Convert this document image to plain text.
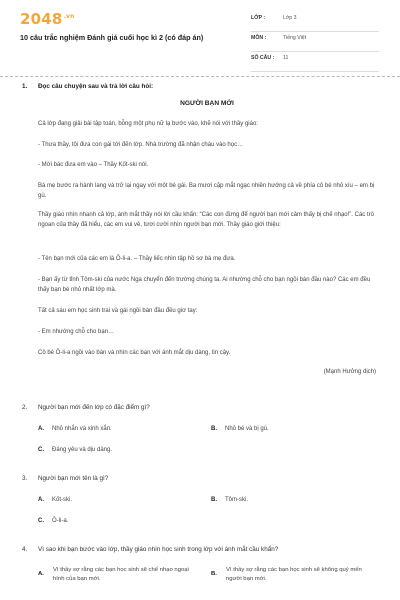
$2048^{.vn}$
10 câu trắc nghiệm Đánh giá cuối học kì 2 (có đáp án)
LỚP :	Lớp 3
MÔN :	Tiếng Việt
SỐ CÂU :	11
1.	Đọc câu chuyện sau và trả lời câu hỏi:
NGƯỜI BẠN MỚI
Cả lớp đang giải bài tập toán, bỗng một phụ nữ lạ bước vào, khẽ nói với thầy giáo:
- Thưa thầy, tôi đưa con gái tới đến lớp. Nhà trường đã nhận cháu vào học…
- Mời bác đưa em vào – Thầy Kốt-ski nói.
Bà mẹ bước ra hành lang và trở lại ngay với một bé gái. Ba mươi cặp mắt ngạc nhiên hướng cả về phía cô bé nhỏ xíu – em bị gù.
Thầy giáo nhìn nhanh cả lớp, ánh mắt thầy nói lời cầu khẩn: “Các con đừng để người bạn mới cảm thấy bị chế nhạo!”. Các trò ngoan của thầy đã hiểu, các em vui vẻ, tươi cười nhìn người bạn mới. Thầy giáo giới thiệu:
- Tên bạn mới của các em là Ô-li-a. – Thầy liếc nhìn tập hồ sơ bà mẹ đưa.
- Bạn ấy từ tỉnh Tôm-ski của nước Nga chuyển đến trường chúng ta. Ai nhường chỗ cho bạn ngồi bàn đầu nào? Các em đều thấy bạn bé nhỏ nhất lớp mà.
Tất cả sáu em học sinh trai và gái ngồi bàn đầu đều giơ tay:
- Em nhường chỗ cho bạn…
Cô bé Ô-li-a ngồi vào bàn và nhìn các bạn với ánh mắt dịu dàng, tin cậy.
(Mạnh Hưởng dịch)
2.	Người bạn mới đến lớp có đặc điểm gì?
A. Nhỏ nhắn và xinh xắn.	B. Nhỏ bé và bị gù.
C. Đáng yêu và dịu dàng.
3.	Người bạn mới tên là gì?
A. Kốt-ski.	B. Tôm-ski.
C. Ô-li-a.
4.	Vì sao khi bạn bước vào lớp, thầy giáo nhìn học sinh trong lớp với ánh mắt cầu khẩn?
A.
Vì thầy sợ rằng các bạn học sinh sẽ chế nhạo ngoại hình của bạn mới.
B.
Vì thầy sợ rằng các bạn học sinh sẽ không quý mến người bạn mới.
